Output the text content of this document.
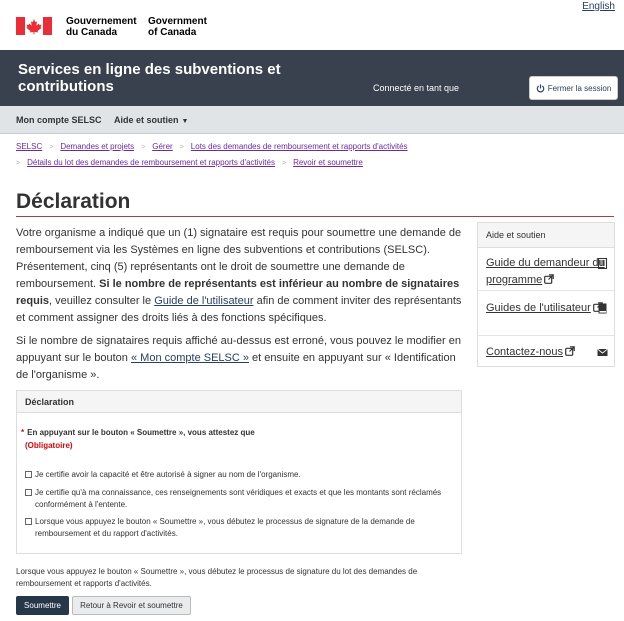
English
Gouvernement
du Canada
Government
of Canada
Services en ligne des subventions et contributions	Connecté en tant que	Fermer la session
Mon compte SELSC	Aide et soutien ▼
SELSC > Demandes et projets > Gérer > Lots des demandes de remboursement et rapports d'activités
> Détails du lot des demandes de remboursement et rapports d'activités > Revoir et soumettre
Déclaration

Votre organisme a indiqué que un (1) signataire est requis pour soumettre une demande de remboursement via les Systèmes en ligne des subventions et contributions (SELSC). Présentement, cinq (5) représentants ont le droit de soumettre une demande de remboursement. Si le nombre de représentants est inférieur au nombre de signataires requis, veuillez consulter le Guide de l'utilisateur afin de comment inviter des représentants et comment assigner des droits liés à des fonctions spécifiques.

Si le nombre de signataires requis affiché au-dessus est erroné, vous pouvez le modifier en appuyant sur le bouton « Mon compte SELSC » et ensuite en appuyant sur « Identification de l'organisme ».

Déclaration
* En appuyant sur le bouton « Soumettre », vous attestez que
(Obligatoire)
Je certifie avoir la capacité et être autorisé à signer au nom de l'organisme.
Je certifie qu'à ma connaissance, ces renseignements sont véridiques et exacts et que les montants sont réclamés conformément à l'entente.
Lorsque vous appuyez le bouton « Soumettre », vous débutez le processus de signature de la demande de remboursement et du rapport d'activités.

Lorsque vous appuyez le bouton « Soumettre », vous débutez le processus de signature du lot des demandes de remboursement et rapports d'activités.

Soumettre	Retour à Revoir et soumettre
Aide et soutien
Guide du demandeur du programme
Guides de l'utilisateur
Contactez-nous
